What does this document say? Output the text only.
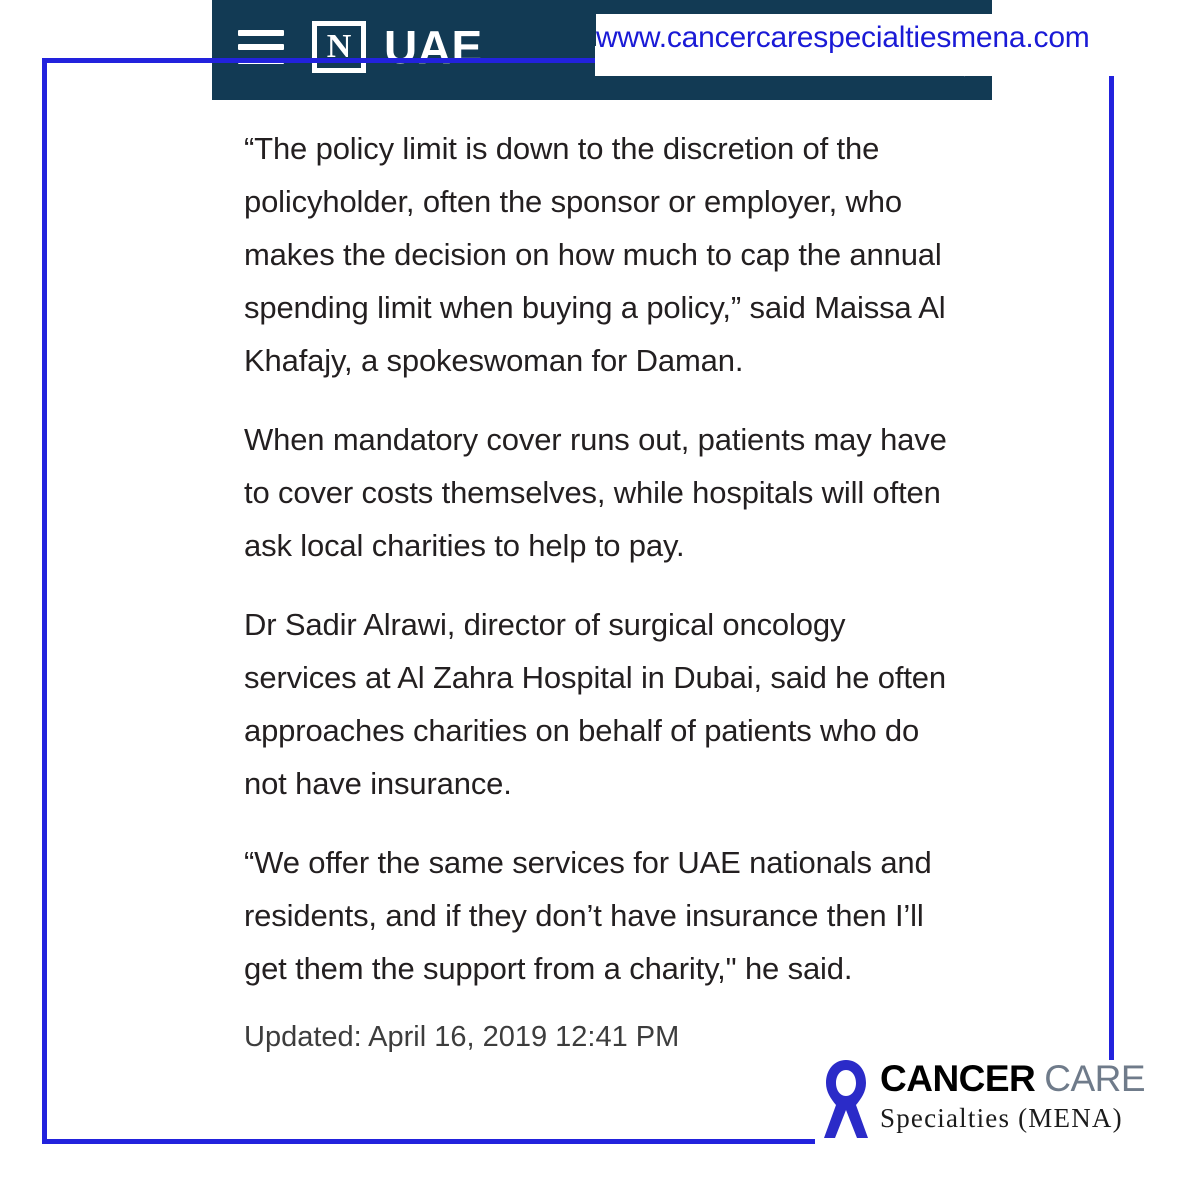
N UAE

“The policy limit is down to the discretion of the policyholder, often the sponsor or employer, who makes the decision on how much to cap the annual spending limit when buying a policy,” said Maissa Al Khafajy, a spokeswoman for Daman.

When mandatory cover runs out, patients may have to cover costs themselves, while hospitals will often ask local charities to help to pay.

Dr Sadir Alrawi, director of surgical oncology services at Al Zahra Hospital in Dubai, said he often approaches charities on behalf of patients who do not have insurance.

“We offer the same services for UAE nationals and residents, and if they don’t have insurance then I’ll get them the support from a charity," he said.

Updated: April 16, 2019 12:41 PM

www.cancercarespecialtiesmena.com
CANCER CARE
Specialties (MENA)
